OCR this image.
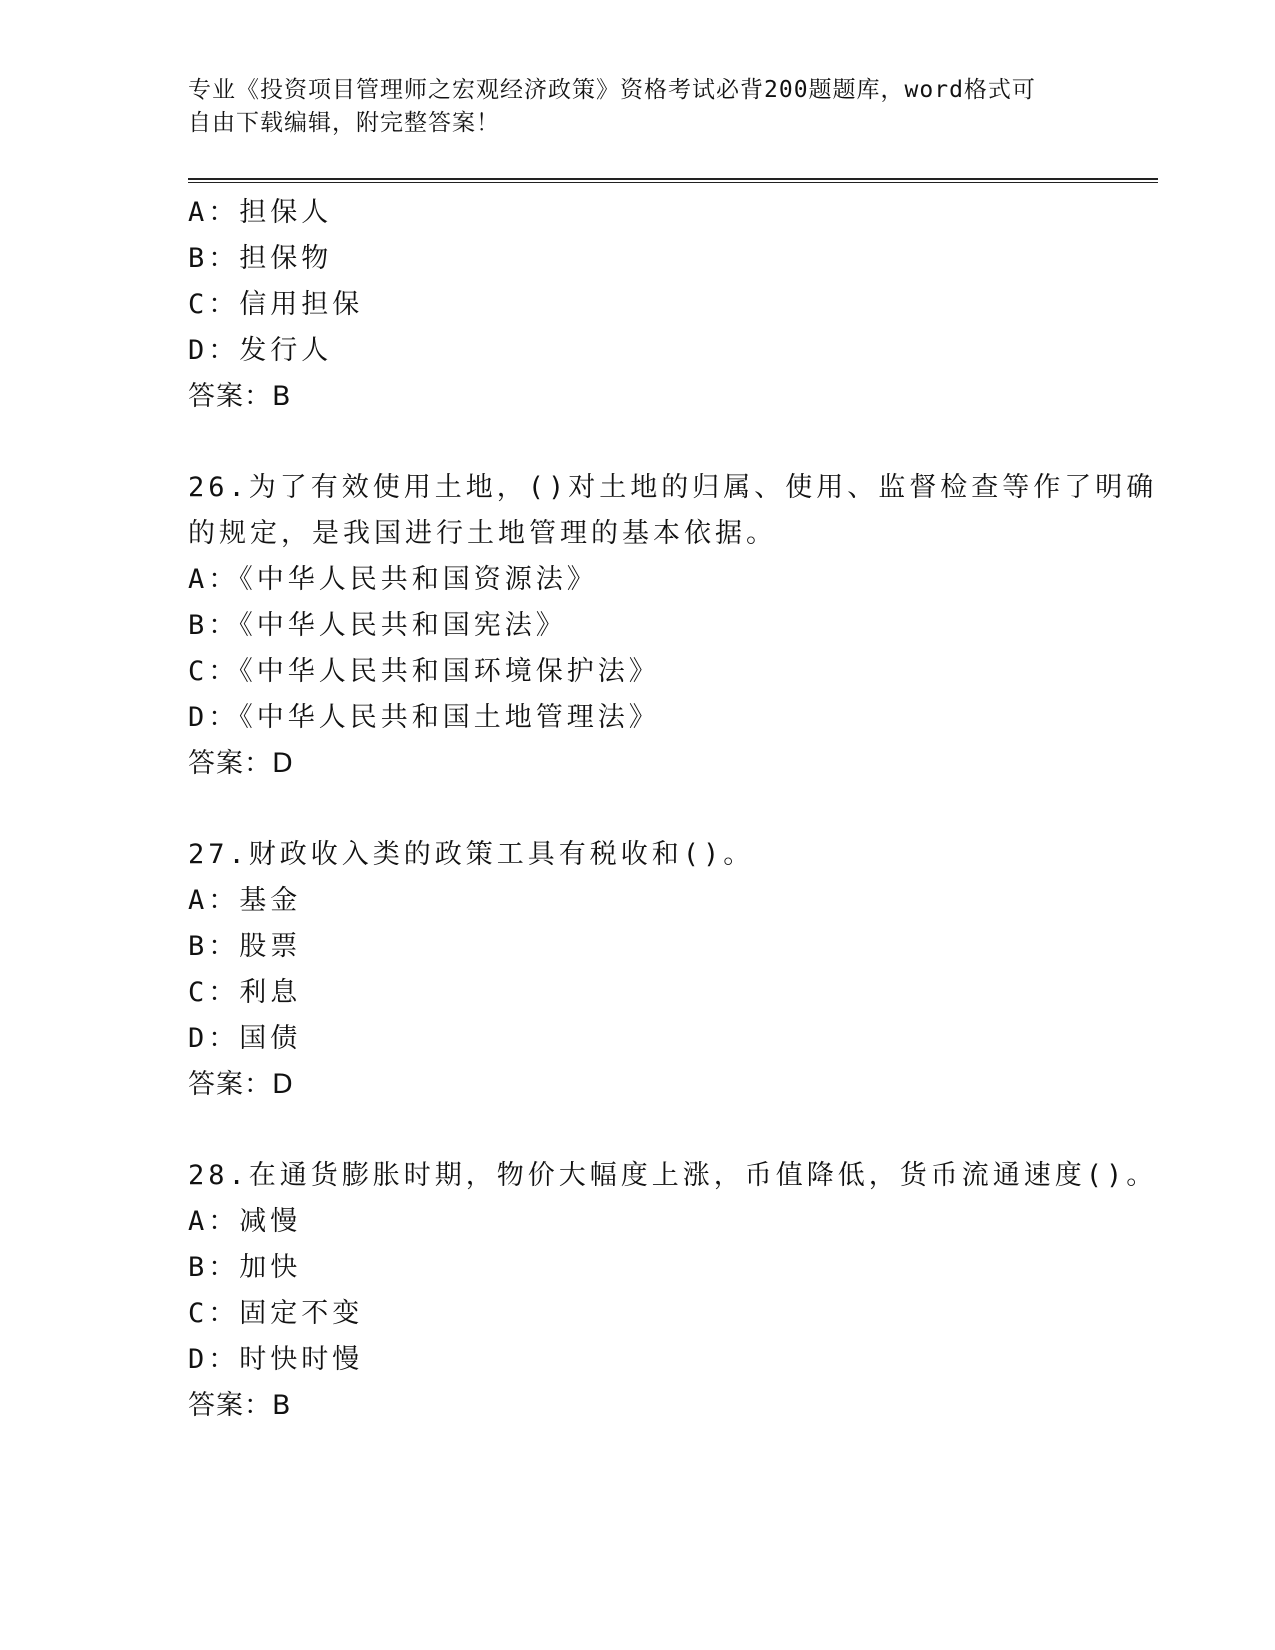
专业《投资项目管理师之宏观经济政策》资格考试必背200题题库，word格式可
自由下载编辑，附完整答案！
A：担保人
B：担保物
C：信用担保
D：发行人
答案：B
26.为了有效使用土地，()对土地的归属、使用、监督检查等作了明确
的规定，是我国进行土地管理的基本依据。
A：《中华人民共和国资源法》
B：《中华人民共和国宪法》
C：《中华人民共和国环境保护法》
D：《中华人民共和国土地管理法》
答案：D
27.财政收入类的政策工具有税收和()。
A：基金
B：股票
C：利息
D：国债
答案：D
28.在通货膨胀时期，物价大幅度上涨，币值降低，货币流通速度()。
A：减慢
B：加快
C：固定不变
D：时快时慢
答案：B
